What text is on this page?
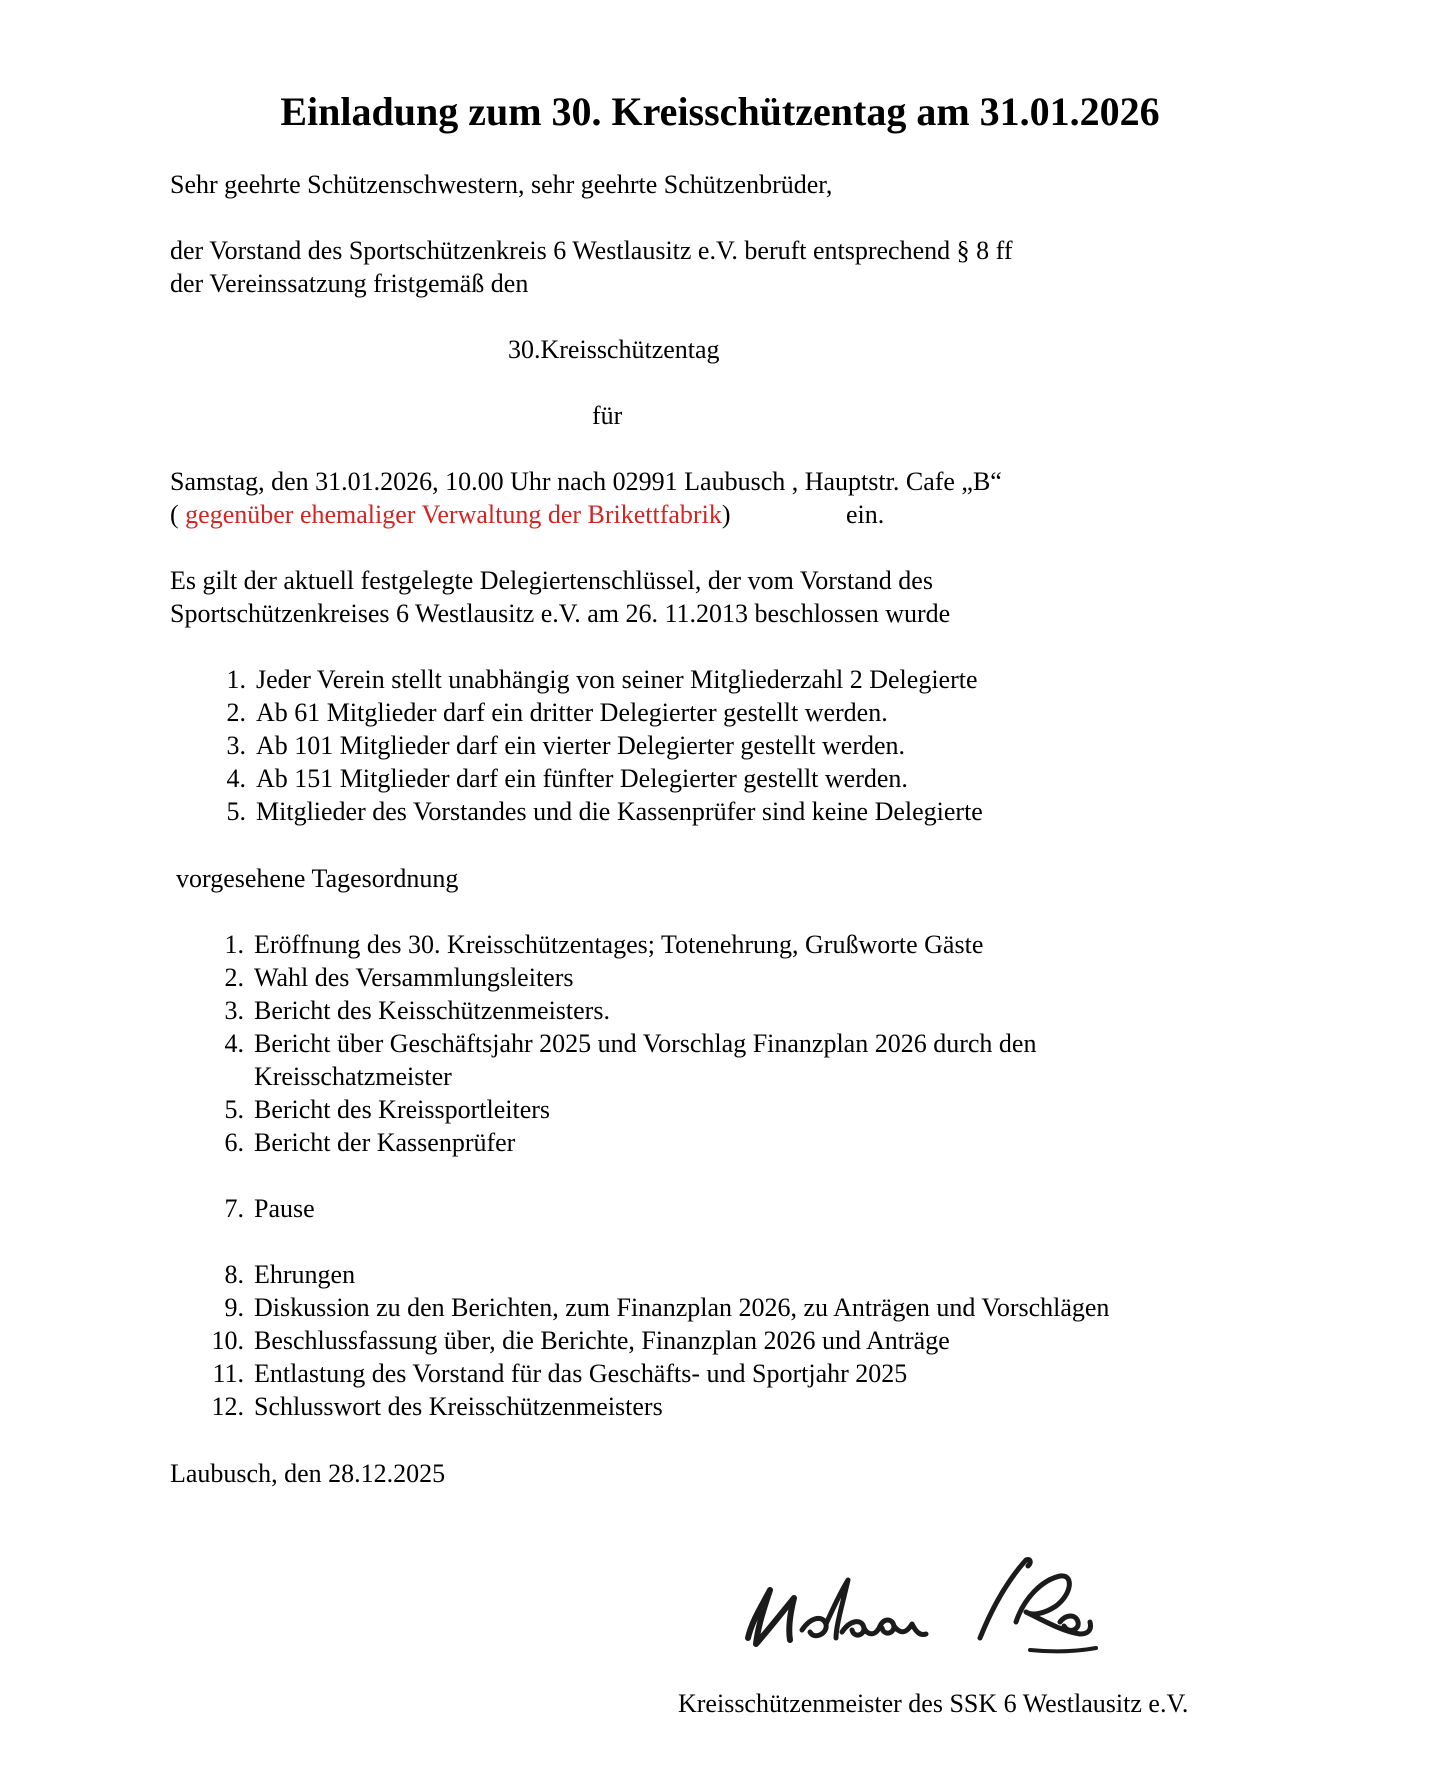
Einladung zum 30. Kreisschützentag am 31.01.2026

Sehr geehrte Schützenschwestern, sehr geehrte Schützenbrüder,

der Vorstand des Sportschützenkreis 6 Westlausitz e.V. beruft entsprechend § 8 ff

der Vereinssatzung fristgemäß den

30.Kreisschützentag

für

Samstag, den 31.01.2026, 10.00 Uhr nach 02991 Laubusch , Hauptstr. Cafe „B“

( gegenüber ehemaliger Verwaltung der Brikettfabrik)	ein.

Es gilt der aktuell festgelegte Delegiertenschlüssel, der vom Vorstand des

Sportschützenkreises 6 Westlausitz e.V. am 26. 11.2013 beschlossen wurde

1. Jeder Verein stellt unabhängig von seiner Mitgliederzahl 2 Delegierte
2. Ab 61 Mitglieder darf ein dritter Delegierter gestellt werden.
3. Ab 101 Mitglieder darf ein vierter Delegierter gestellt werden.
4. Ab 151 Mitglieder darf ein fünfter Delegierter gestellt werden.
5. Mitglieder des Vorstandes und die Kassenprüfer sind keine Delegierte

vorgesehene Tagesordnung

1. Eröffnung des 30. Kreisschützentages; Totenehrung, Grußworte Gäste
2. Wahl des Versammlungsleiters
3. Bericht des Keisschützenmeisters.
4. Bericht über Geschäftsjahr 2025 und Vorschlag Finanzplan 2026 durch den
Kreisschatzmeister
5. Bericht des Kreissportleiters
6. Bericht der Kassenprüfer
7. Pause
8. Ehrungen
9. Diskussion zu den Berichten, zum Finanzplan 2026, zu Anträgen und Vorschlägen
10. Beschlussfassung über, die Berichte, Finanzplan 2026 und Anträge
11. Entlastung des Vorstand für das Geschäfts- und Sportjahr 2025
12. Schlusswort des Kreisschützenmeisters

Laubusch, den 28.12.2025

Kreisschützenmeister des SSK 6 Westlausitz e.V.
